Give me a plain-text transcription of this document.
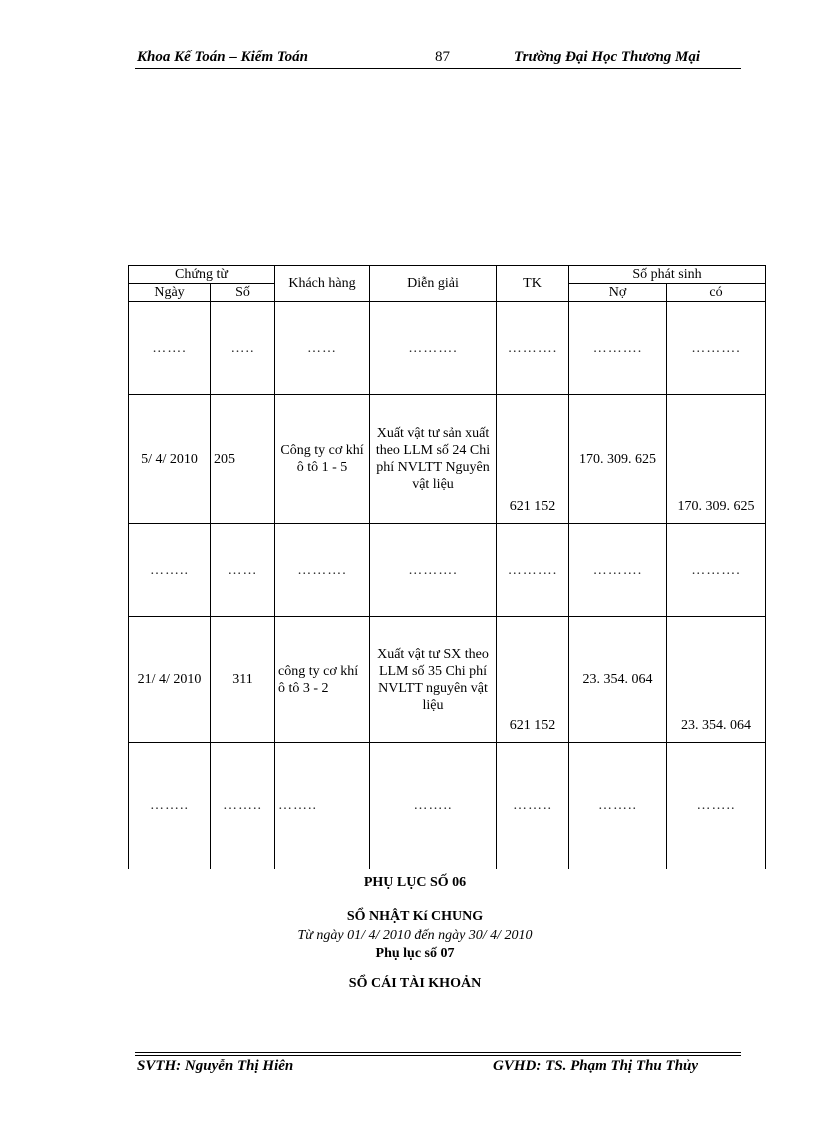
Khoa Kế Toán – Kiểm Toán	87	Trường Đại Học Thương Mại
Chứng từ		Khách hàng	Diễn giải	TK	Số phát sinh	
Ngày	Số				Nợ	có
…….	…..	……	……….	……….	……….	……….
5/ 4/ 2010	205	Công ty cơ khí ô tô 1 - 5	Xuất vật tư sản xuất theo LLM số 24 Chi phí NVLTT Nguyên vật liệu	621 152	170. 309. 625	170. 309. 625
……..	……	……….	……….	……….	……….	……….
21/ 4/ 2010	311	công ty cơ khí ô tô 3 - 2	Xuất vật tư SX theo LLM số 35 Chi phí NVLTT nguyên vật liệu	621 152	23. 354. 064	23. 354. 064
……..	……..	……..	……..	……..	……..	……..
PHỤ LỤC SỐ 06
SỔ NHẬT Kí CHUNG
Từ ngày 01/ 4/ 2010 đến ngày 30/ 4/ 2010
Phụ lục số 07
SỔ CÁI TÀI KHOẢN
SVTH: Nguyễn Thị Hiên	GVHD: TS. Phạm Thị Thu Thủy
